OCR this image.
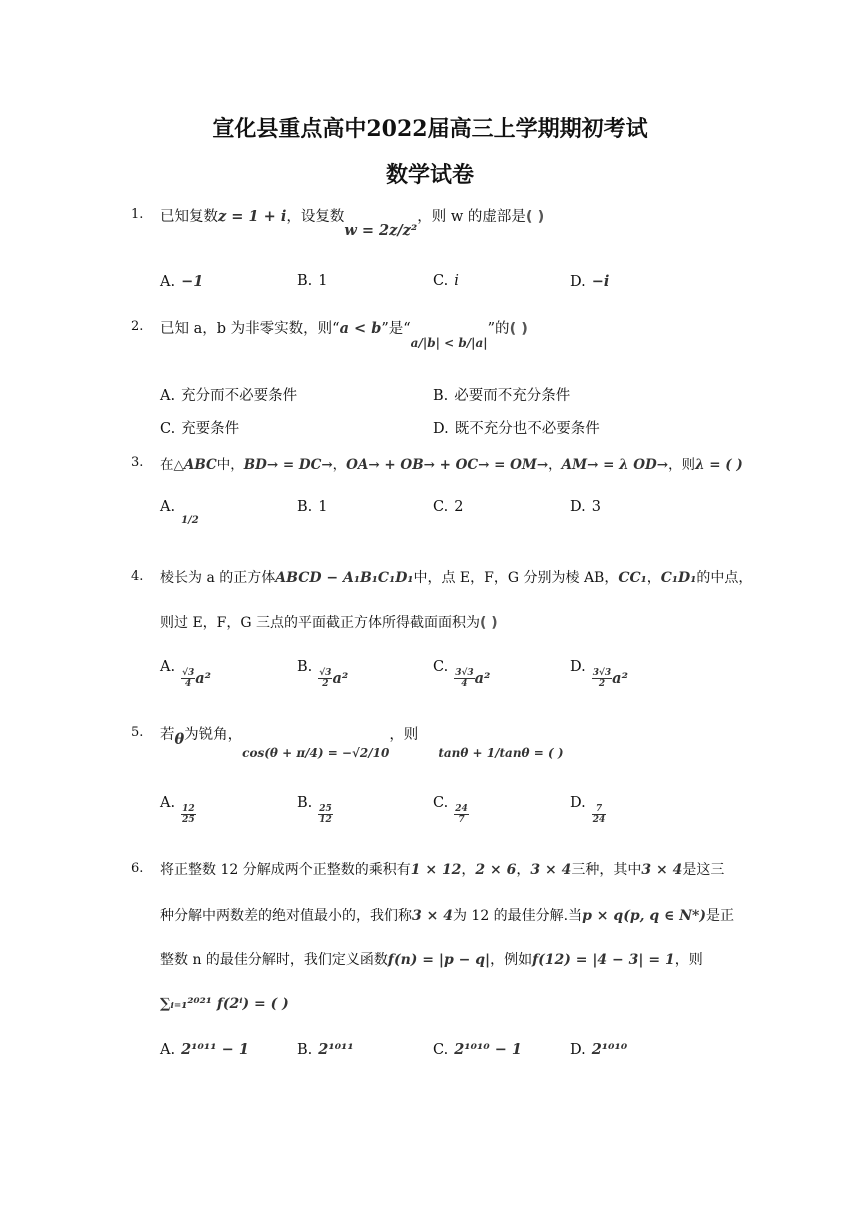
宣化县重点高中2022届高三上学期期初考试
数学试卷
1. 已知复数z = 1 + i，设复数w = 2z/z²，则 w 的虚部是( )
A. −1	B. 1	C. i	D. −i
2. 已知 a，b 为非零实数，则“a < b”是“$_{a/|b| < b/|a|}$”的( )
A. 充分而不必要条件	B. 必要而不充分条件
C. 充要条件	D. 既不充分也不必要条件
3. 在△ABC中，BD→ = DC→，OA→ + OB→ + OC→ = OM→，AM→ = λ OD→，则λ = ( )
$A._{1/2}$
B. 1	C. 2	D. 3
4. 棱长为 a 的正方体ABCD − A₁B₁C₁D₁中，点 E，F，G 分别为棱 AB，CC₁，C₁D₁的中点，
则过 E，F，G 三点的平面截正方体所得截面面积为( )
A.
$\frac{√3}{4} a^2$
B.
$\frac{√3}{2} a^2$
C.
$\frac{3√3}{4} a^2$
D.
$\frac{3√3}{2} a^2$
5. 若θ为锐角，$_{cos(\theta + \pi/4) = -√2/10}$，则$_{tan\theta + 1/tan\theta = ( )}$
A.
$\frac{12}{25}$
B.
$\frac{25}{12}$
C.
$\frac{24}{7}$
D.
$\frac{7}{24}$
6. 将正整数 12 分解成两个正整数的乘积有1 × 12，2 × 6，3 × 4三种，其中3 × 4是这三
种分解中两数差的绝对值最小的，我们称3 × 4为 12 的最佳分解.当p × q(p, q ∈ N*)是正
整数 n 的最佳分解时，我们定义函数f(n) = |p − q|，例如f(12) = |4 − 3| = 1，则
∑ᵢ₌₁²⁰²¹ f(2ⁱ) = ( )
A. 2¹⁰¹¹ − 1	B. 2¹⁰¹¹	C. 2¹⁰¹⁰ − 1	D. 2¹⁰¹⁰
